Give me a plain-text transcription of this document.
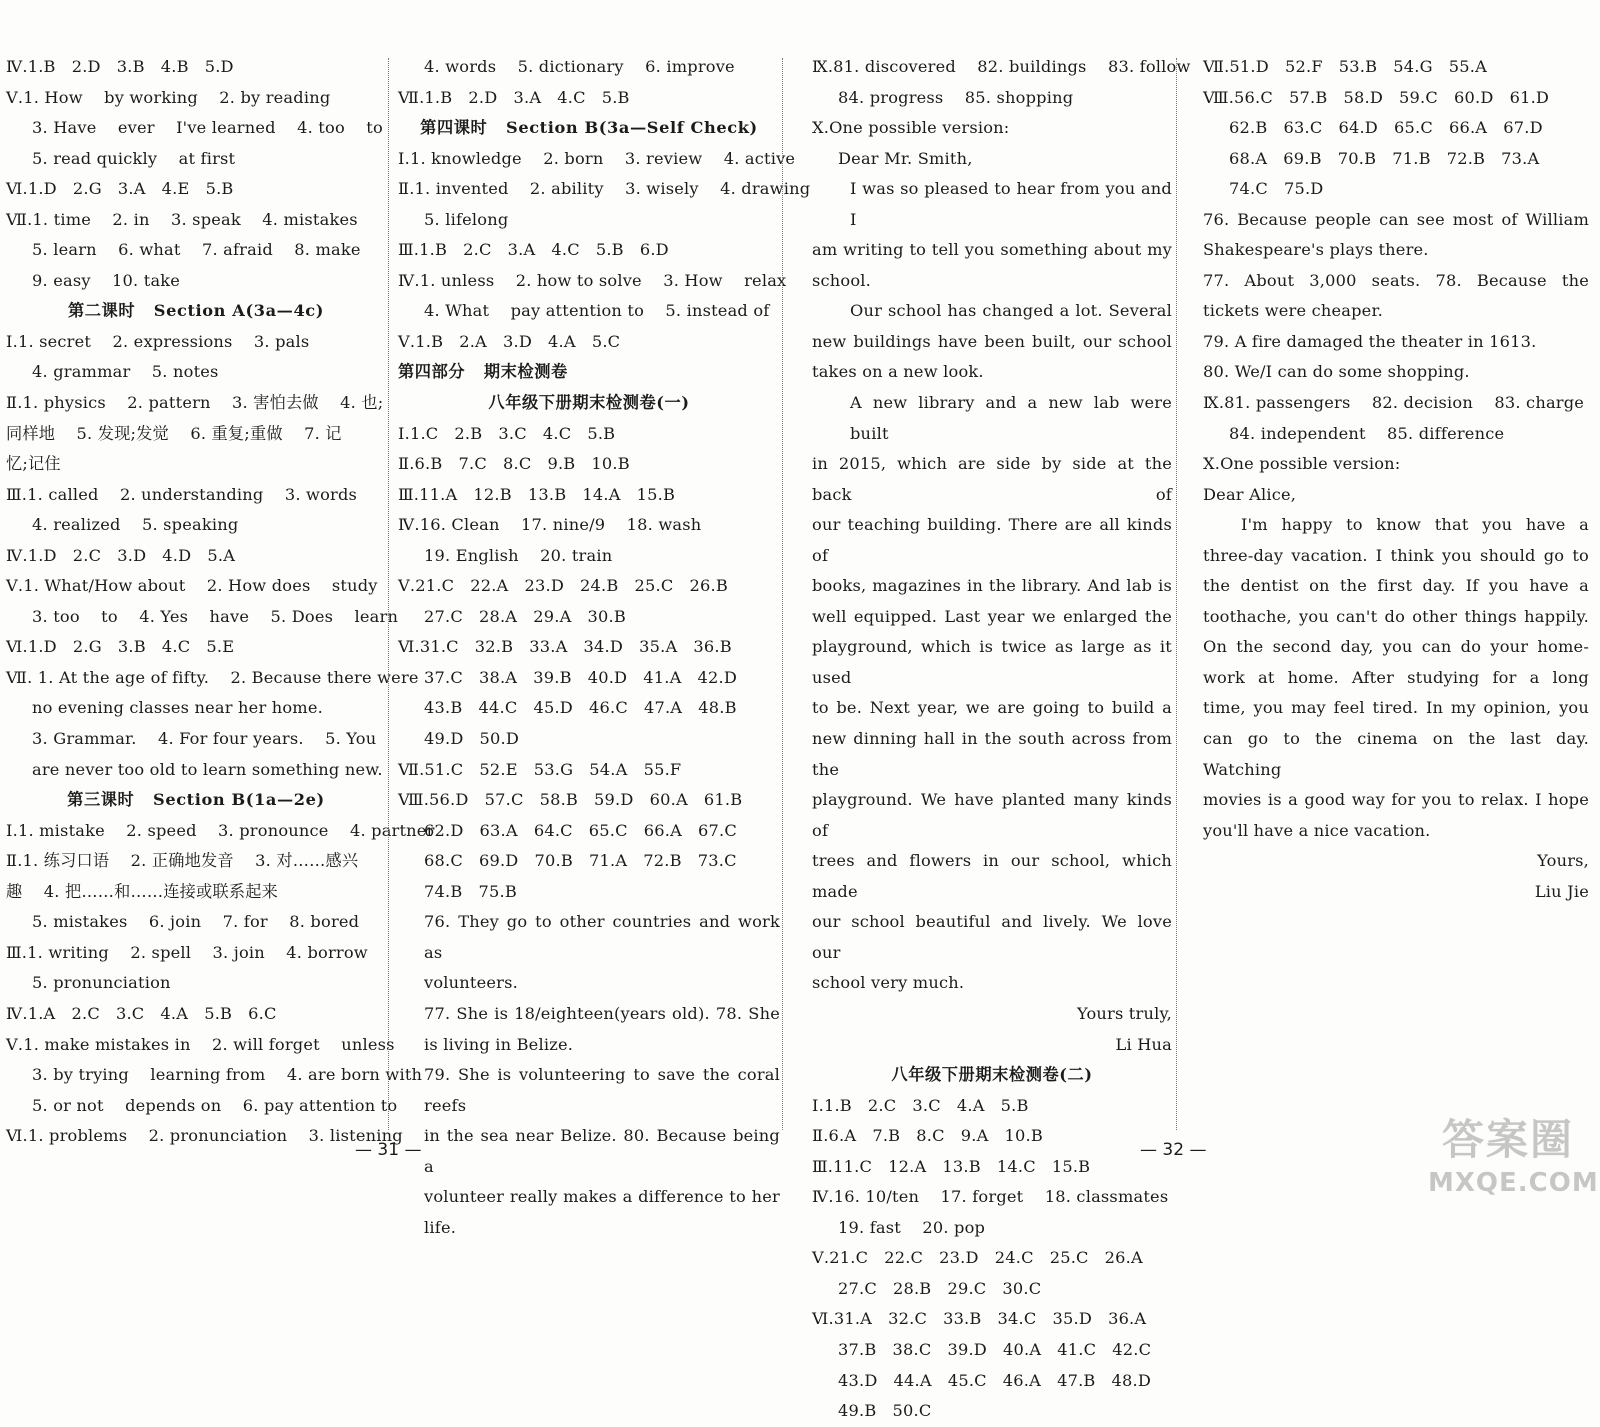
Ⅳ.1.B   2.D   3.B   4.B   5.D
Ⅴ.1. How    by working    2. by reading
3. Have    ever    I've learned    4. too    to
5. read quickly    at first
Ⅵ.1.D   2.G   3.A   4.E   5.B
Ⅶ.1. time    2. in    3. speak    4. mistakes
5. learn    6. what    7. afraid    8. make
9. easy    10. take
第二课时   Section A(3a—4c)
Ⅰ.1. secret    2. expressions    3. pals
4. grammar    5. notes
Ⅱ.1. physics    2. pattern    3. 害怕去做    4. 也;
同样地    5. 发现;发觉    6. 重复;重做    7. 记
忆;记住
Ⅲ.1. called    2. understanding    3. words
4. realized    5. speaking
Ⅳ.1.D   2.C   3.D   4.D   5.A
Ⅴ.1. What/How about    2. How does    study
3. too    to    4. Yes    have    5. Does    learn
Ⅵ.1.D   2.G   3.B   4.C   5.E
Ⅶ. 1. At the age of fifty.    2. Because there were
no evening classes near her home.
3. Grammar.    4. For four years.    5. You
are never too old to learn something new.
第三课时   Section B(1a—2e)
Ⅰ.1. mistake    2. speed    3. pronounce    4. partner
Ⅱ.1. 练习口语    2. 正确地发音    3. 对……感兴
趣    4. 把……和……连接或联系起来
5. mistakes    6. join    7. for    8. bored
Ⅲ.1. writing    2. spell    3. join    4. borrow
5. pronunciation
Ⅳ.1.A   2.C   3.C   4.A   5.B   6.C
Ⅴ.1. make mistakes in    2. will forget    unless
3. by trying    learning from    4. are born with
5. or not    depends on    6. pay attention to
Ⅵ.1. problems    2. pronunciation    3. listening
4. words    5. dictionary    6. improve
Ⅶ.1.B   2.D   3.A   4.C   5.B
第四课时   Section B(3a—Self Check)
Ⅰ.1. knowledge    2. born    3. review    4. active
Ⅱ.1. invented    2. ability    3. wisely    4. drawing
5. lifelong
Ⅲ.1.B   2.C   3.A   4.C   5.B   6.D
Ⅳ.1. unless    2. how to solve    3. How    relax
4. What    pay attention to    5. instead of
Ⅴ.1.B   2.A   3.D   4.A   5.C
第四部分   期末检测卷
八年级下册期末检测卷(一)
Ⅰ.1.C   2.B   3.C   4.C   5.B
Ⅱ.6.B   7.C   8.C   9.B   10.B
Ⅲ.11.A   12.B   13.B   14.A   15.B
Ⅳ.16. Clean    17. nine/9    18. wash
19. English    20. train
Ⅴ.21.C   22.A   23.D   24.B   25.C   26.B
27.C   28.A   29.A   30.B
Ⅵ.31.C   32.B   33.A   34.D   35.A   36.B
37.C   38.A   39.B   40.D   41.A   42.D
43.B   44.C   45.D   46.C   47.A   48.B
49.D   50.D
Ⅶ.51.C   52.E   53.G   54.A   55.F
Ⅷ.56.D   57.C   58.B   59.D   60.A   61.B
62.D   63.A   64.C   65.C   66.A   67.C
68.C   69.D   70.B   71.A   72.B   73.C
74.B   75.B
76. They go to other countries and work as
volunteers.
77. She is 18/eighteen(years old). 78. She
is living in Belize.
79. She is volunteering to save the coral reefs
in the sea near Belize. 80. Because being a
volunteer really makes a difference to her
life.
Ⅸ.81. discovered    82. buildings    83. follow
84. progress    85. shopping
Ⅹ.One possible version:
Dear Mr. Smith,
I was so pleased to hear from you and I
am writing to tell you something about my
school.
Our school has changed a lot. Several
new buildings have been built, our school
takes on a new look.
A new library and a new lab were built
in 2015, which are side by side at the back of
our teaching building. There are all kinds of
books, magazines in the library. And lab is
well equipped. Last year we enlarged the
playground, which is twice as large as it used
to be. Next year, we are going to build a
new dinning hall in the south across from the
playground. We have planted many kinds of
trees and flowers in our school, which made
our school beautiful and lively. We love our
school very much.
Yours truly,
Li Hua
八年级下册期末检测卷(二)
Ⅰ.1.B   2.C   3.C   4.A   5.B
Ⅱ.6.A   7.B   8.C   9.A   10.B
Ⅲ.11.C   12.A   13.B   14.C   15.B
Ⅳ.16. 10/ten    17. forget    18. classmates
19. fast    20. pop
Ⅴ.21.C   22.C   23.D   24.C   25.C   26.A
27.C   28.B   29.C   30.C
Ⅵ.31.A   32.C   33.B   34.C   35.D   36.A
37.B   38.C   39.D   40.A   41.C   42.C
43.D   44.A   45.C   46.A   47.B   48.D
49.B   50.C
Ⅶ.51.D   52.F   53.B   54.G   55.A
Ⅷ.56.C   57.B   58.D   59.C   60.D   61.D
62.B   63.C   64.D   65.C   66.A   67.D
68.A   69.B   70.B   71.B   72.B   73.A
74.C   75.D
76. Because people can see most of William
Shakespeare's plays there.
77. About 3,000 seats. 78. Because the
tickets were cheaper.
79. A fire damaged the theater in 1613.
80. We/I can do some shopping.
Ⅸ.81. passengers    82. decision    83. charge
84. independent    85. difference
Ⅹ.One possible version:
Dear Alice,
I'm happy to know that you have a
three-day vacation. I think you should go to
the dentist on the first day. If you have a
toothache, you can't do other things happily.
On the second day, you can do your home-
work at home. After studying for a long
time, you may feel tired. In my opinion, you
can go to the cinema on the last day. Watching
movies is a good way for you to relax. I hope
you'll have a nice vacation.
Yours,
Liu Jie
— 31 —	— 32 —	答案圈
MXQE.COM
